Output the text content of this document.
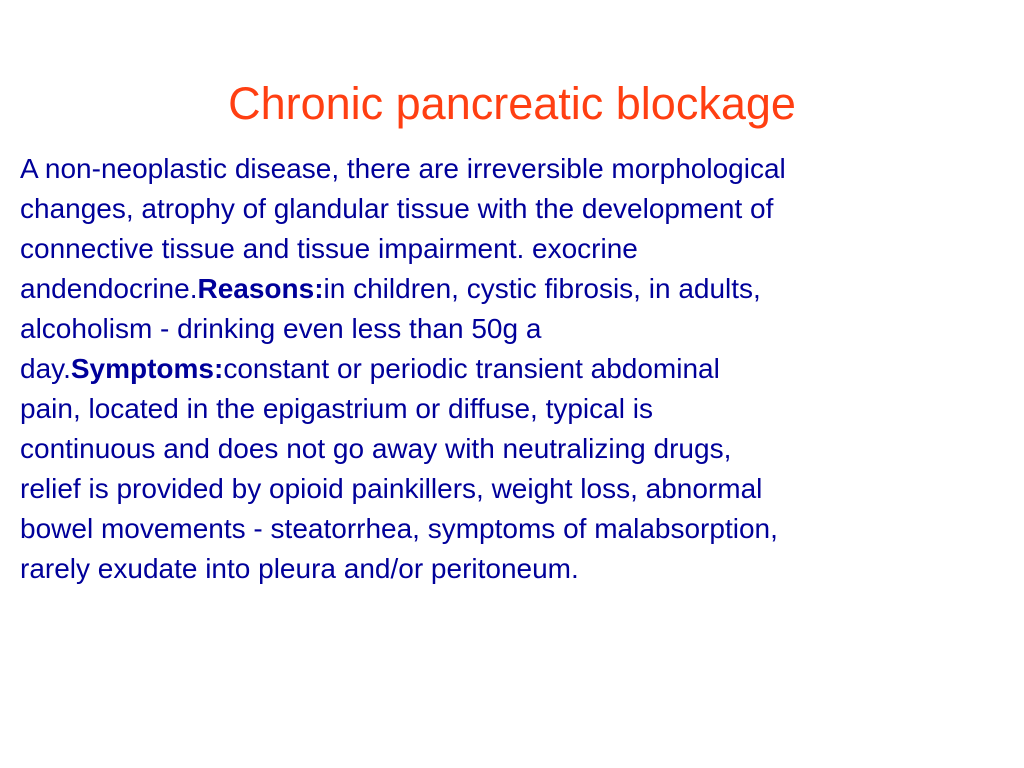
Chronic pancreatic blockage
A non-neoplastic disease, there are irreversible morphological
changes, atrophy of glandular tissue with the development of
connective tissue and tissue impairment. exocrine
andendocrine.Reasons:in children, cystic fibrosis, in adults,
alcoholism - drinking even less than 50g a
day.Symptoms:constant or periodic transient abdominal
pain, located in the epigastrium or diffuse, typical is
continuous and does not go away with neutralizing drugs,
relief is provided by opioid painkillers, weight loss, abnormal
bowel movements - steatorrhea, symptoms of malabsorption,
rarely exudate into pleura and/or peritoneum.
